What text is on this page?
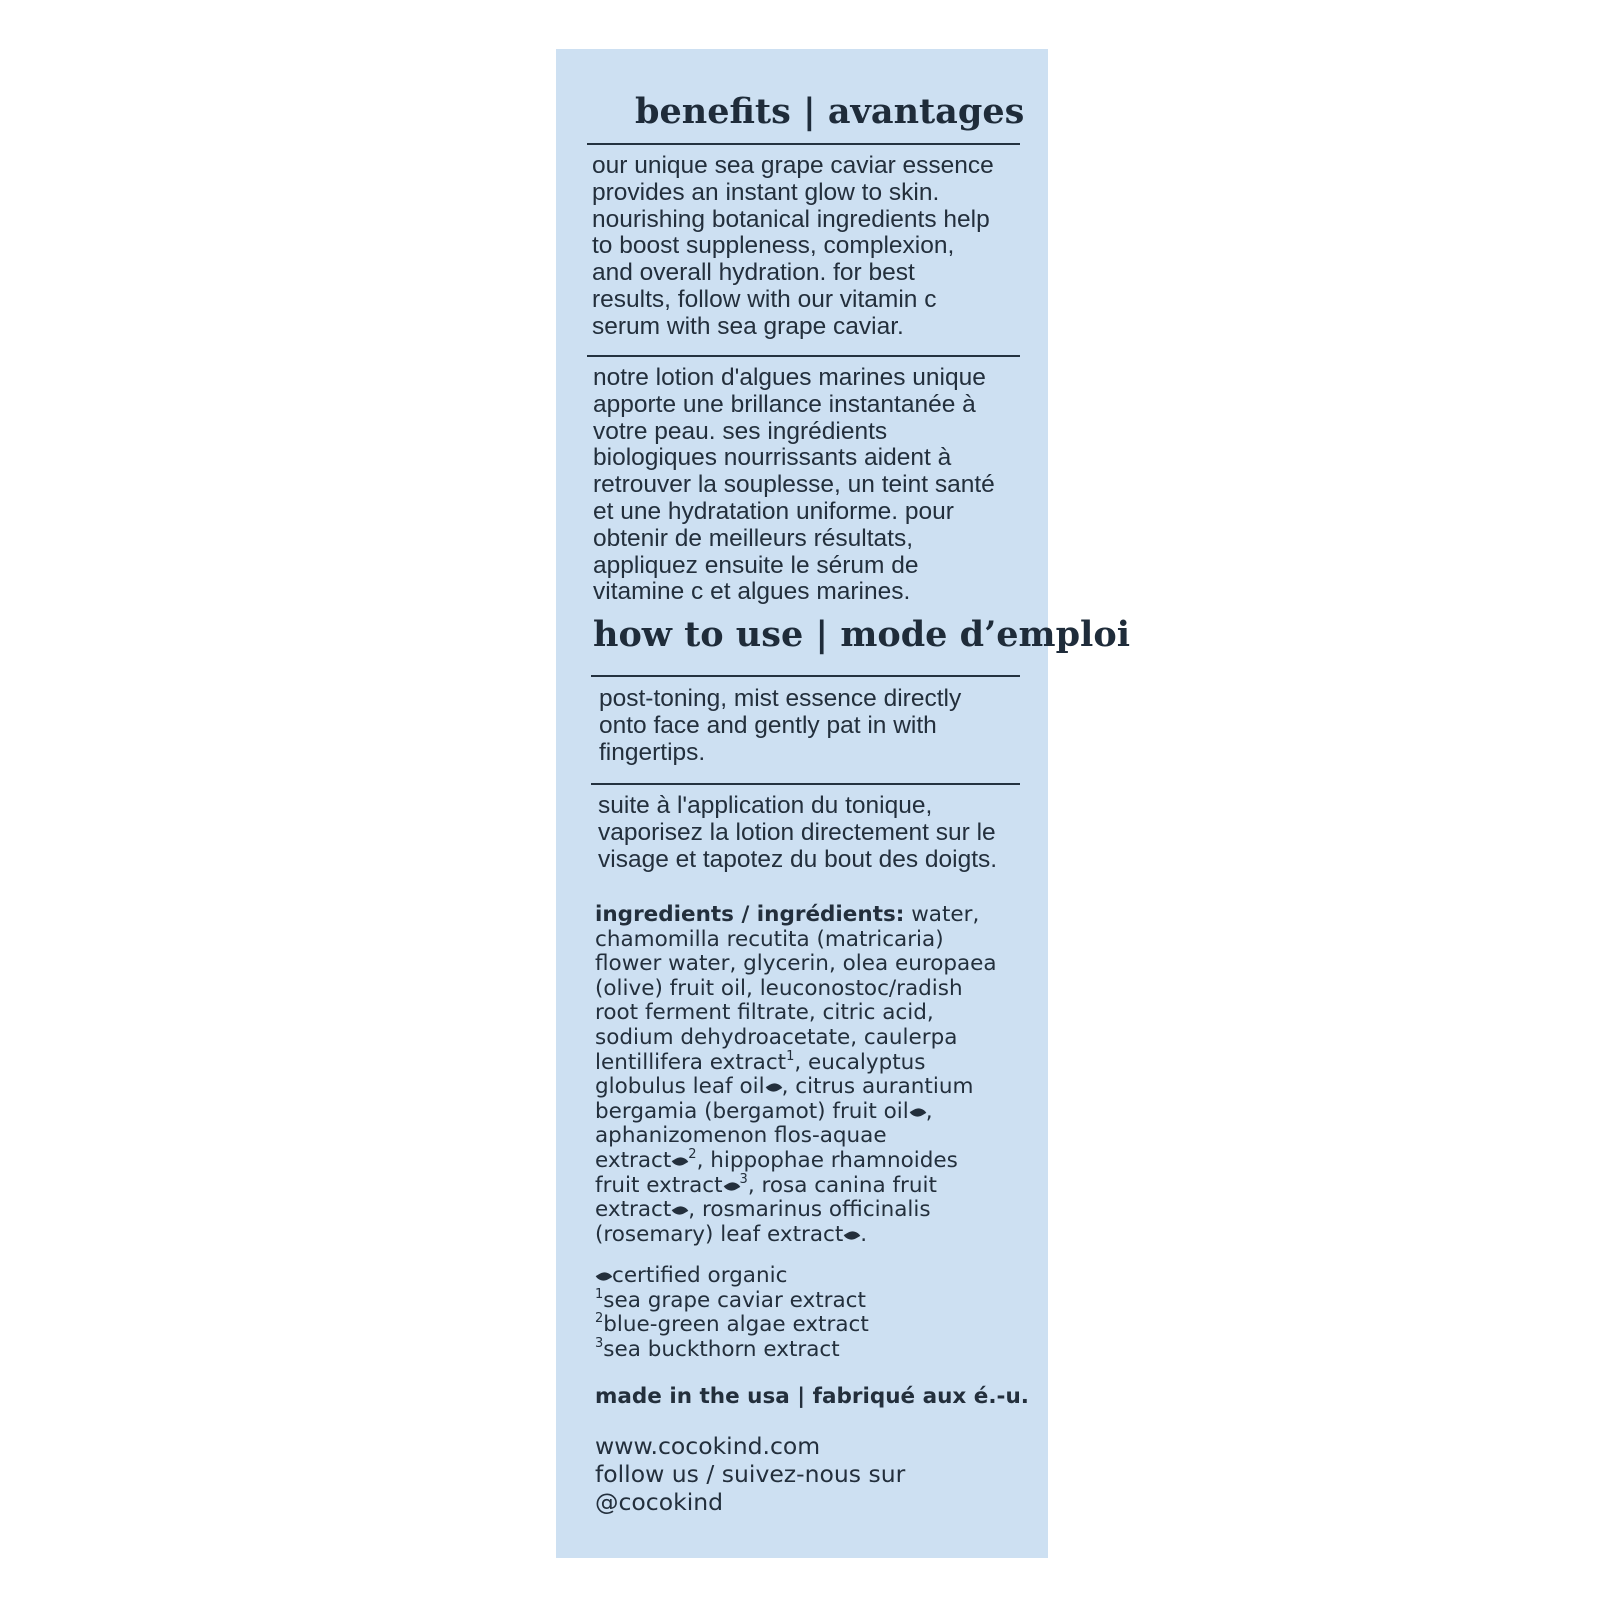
benefits | avantages
our unique sea grape caviar essence
provides an instant glow to skin.
nourishing botanical ingredients help
to boost suppleness, complexion,
and overall hydration. for best
results, follow with our vitamin c
serum with sea grape caviar.
notre lotion d'algues marines unique
apporte une brillance instantanée à
votre peau. ses ingrédients
biologiques nourrissants aident à
retrouver la souplesse, un teint santé
et une hydratation uniforme. pour
obtenir de meilleurs résultats,
appliquez ensuite le sérum de
vitamine c et algues marines.
how to use | mode d’emploi
post-toning, mist essence directly
onto face and gently pat in with
fingertips.
suite à l'application du tonique,
vaporisez la lotion directement sur le
visage et tapotez du bout des doigts.
ingredients / ingrédients: water,
chamomilla recutita (matricaria)
flower water, glycerin, olea europaea
(olive) fruit oil, leuconostoc/radish
root ferment filtrate, citric acid,
sodium dehydroacetate, caulerpa
lentillifera extract$^1$, eucalyptus
globulus leaf oil , citrus aurantium
bergamia (bergamot) fruit oil ,
aphanizomenon flos-aquae
extract $^2$, hippophae rhamnoides
fruit extract $^3$, rosa canina fruit
extract , rosmarinus officinalis
(rosemary) leaf extract .
certified organic
$^1$sea grape caviar extract
$^2$blue-green algae extract
$^3$sea buckthorn extract
made in the usa | fabriqué aux é.-u.
www.cocokind.com
follow us / suivez-nous sur
@cocokind
